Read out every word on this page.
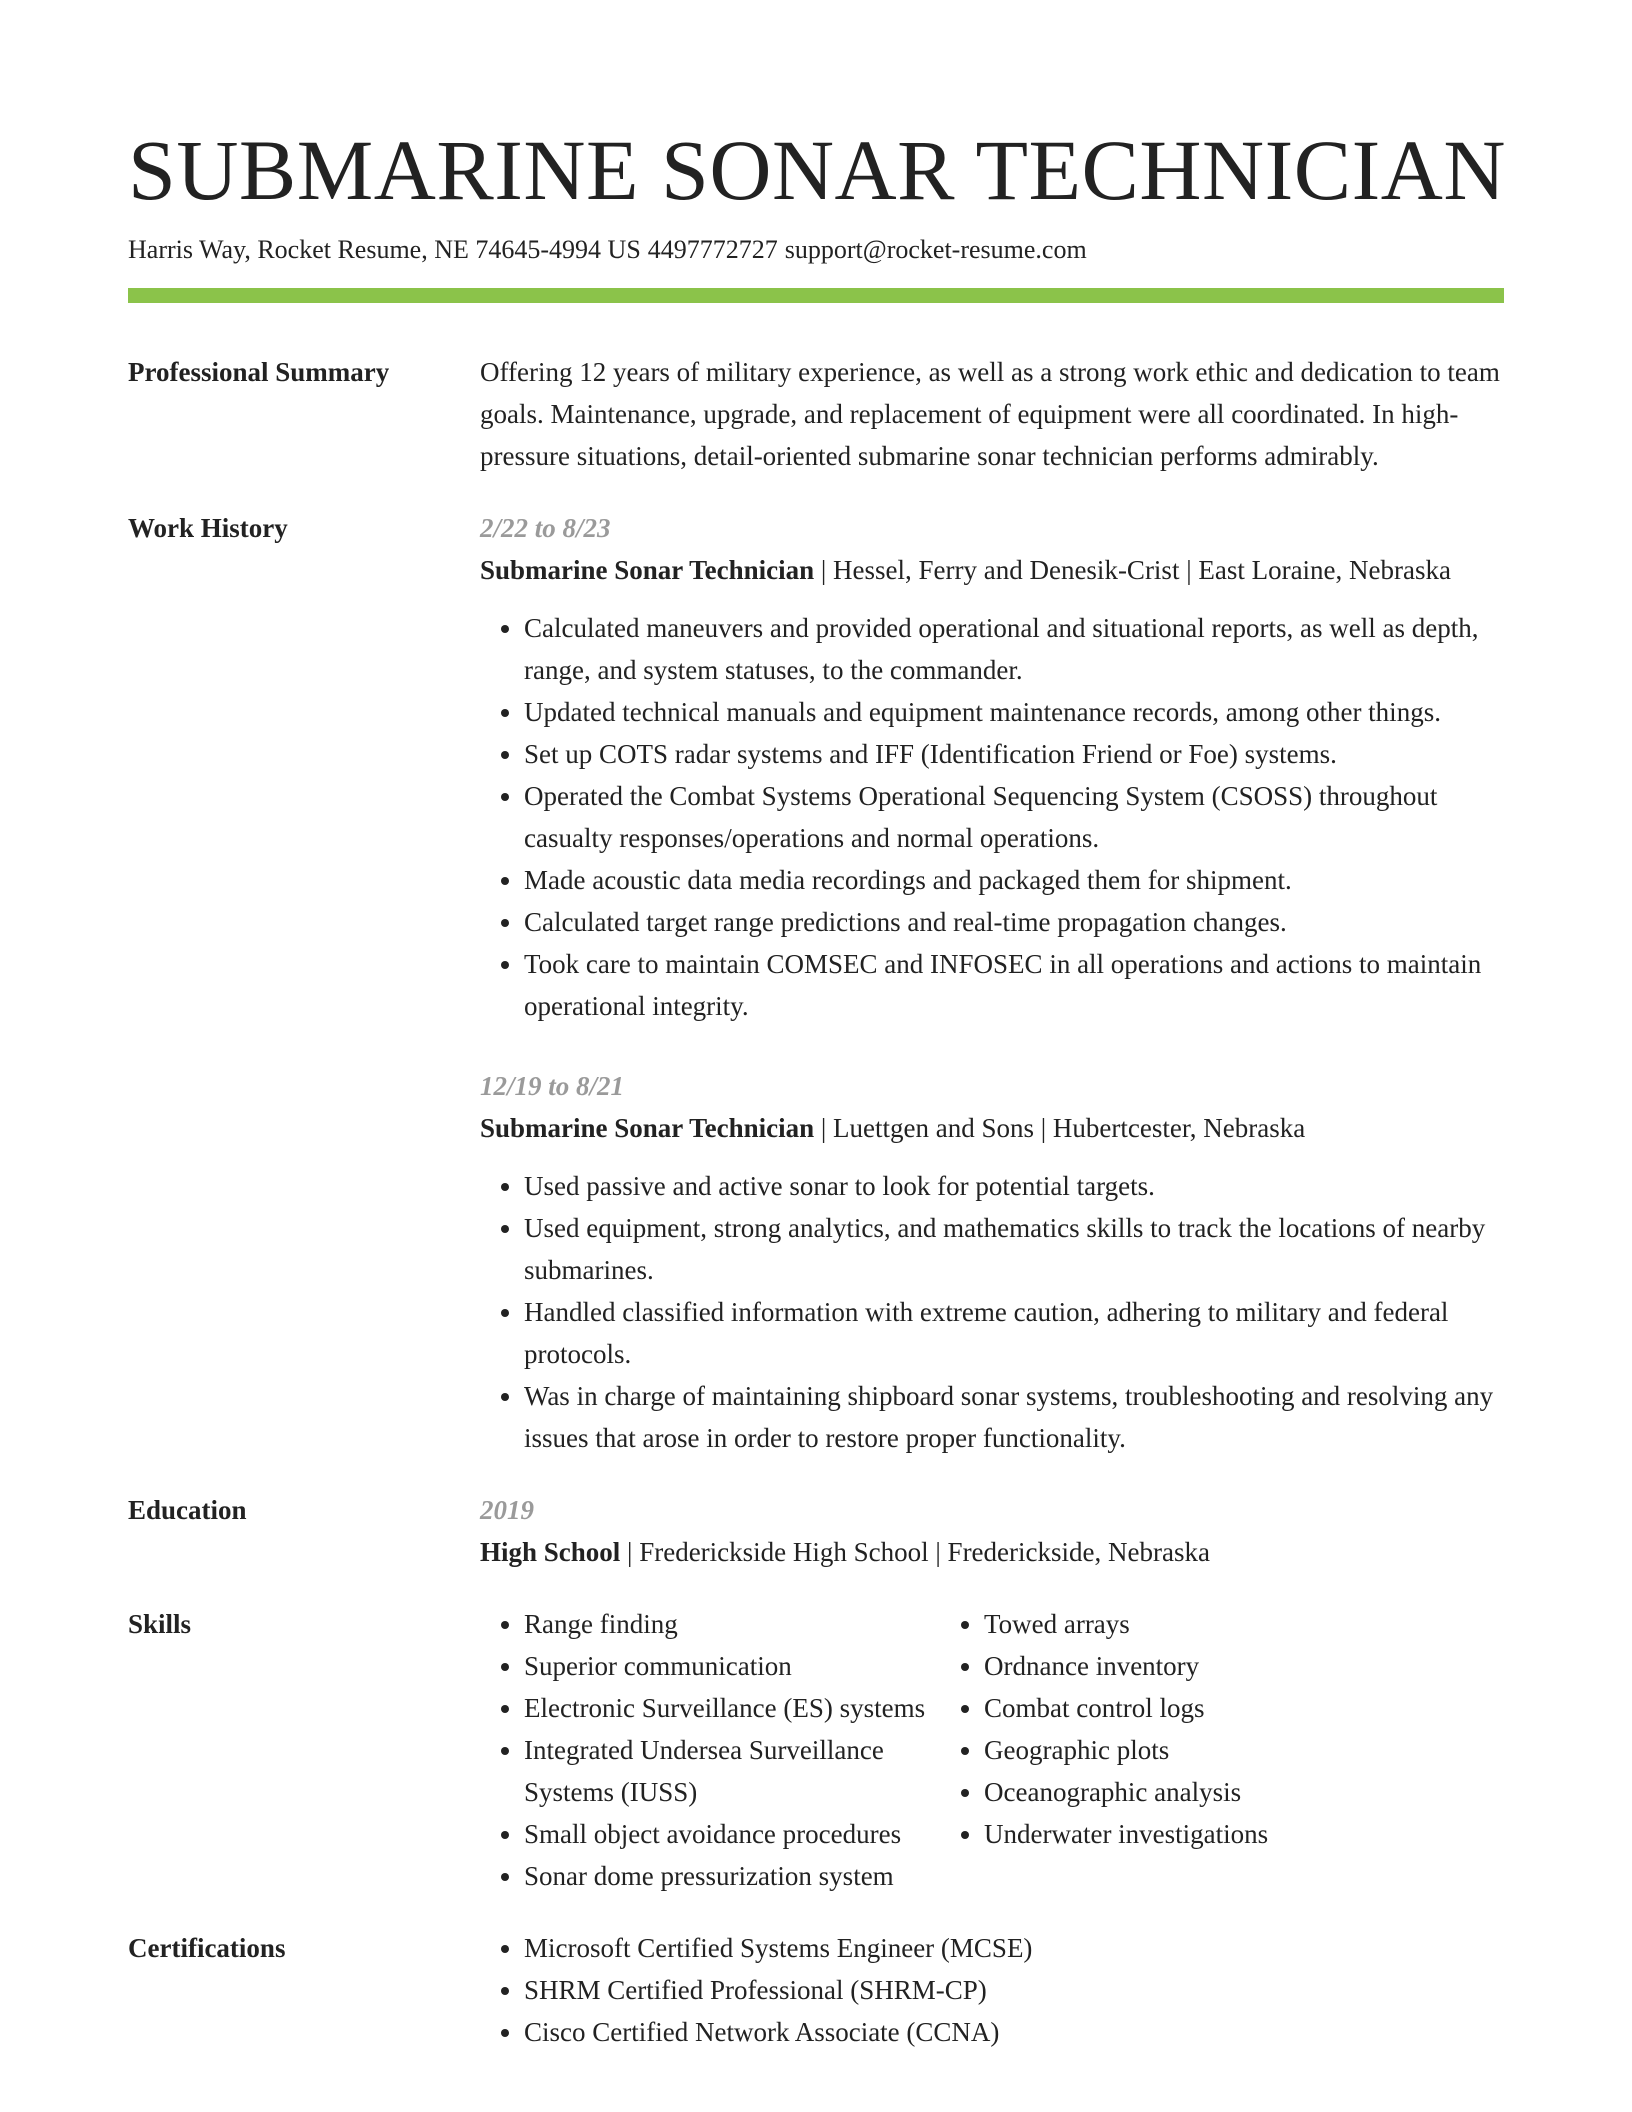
SUBMARINE SONAR TECHNICIAN
Harris Way, Rocket Resume, NE 74645-4994 US 4497772727 support@rocket-resume.com
Professional Summary	Offering 12 years of military experience, as well as a strong work ethic and dedication to team goals. Maintenance, upgrade, and replacement of equipment were all coordinated. In high-pressure situations, detail-oriented submarine sonar technician performs admirably.

Work History	2/22 to 8/23
Submarine Sonar Technician | Hessel, Ferry and Denesik-Crist | East Loraine, Nebraska
• Calculated maneuvers and provided operational and situational reports, as well as depth, range, and system statuses, to the commander.
• Updated technical manuals and equipment maintenance records, among other things.
• Set up COTS radar systems and IFF (Identification Friend or Foe) systems.
• Operated the Combat Systems Operational Sequencing System (CSOSS) throughout casualty responses/operations and normal operations.
• Made acoustic data media recordings and packaged them for shipment.
• Calculated target range predictions and real-time propagation changes.
• Took care to maintain COMSEC and INFOSEC in all operations and actions to maintain operational integrity.
12/19 to 8/21
Submarine Sonar Technician | Luettgen and Sons | Hubertcester, Nebraska
• Used passive and active sonar to look for potential targets.
• Used equipment, strong analytics, and mathematics skills to track the locations of nearby submarines.
• Handled classified information with extreme caution, adhering to military and federal protocols.
• Was in charge of maintaining shipboard sonar systems, troubleshooting and resolving any issues that arose in order to restore proper functionality.
Education	2019
High School | Frederickside High School | Frederickside, Nebraska
Skills	• Range finding
• Superior communication
• Electronic Surveillance (ES) systems
• Integrated Undersea Surveillance Systems (IUSS)
• Small object avoidance procedures
• Sonar dome pressurization system
• Towed arrays
• Ordnance inventory
• Combat control logs
• Geographic plots
• Oceanographic analysis
• Underwater investigations
Certifications	• Microsoft Certified Systems Engineer (MCSE)
• SHRM Certified Professional (SHRM-CP)
• Cisco Certified Network Associate (CCNA)
